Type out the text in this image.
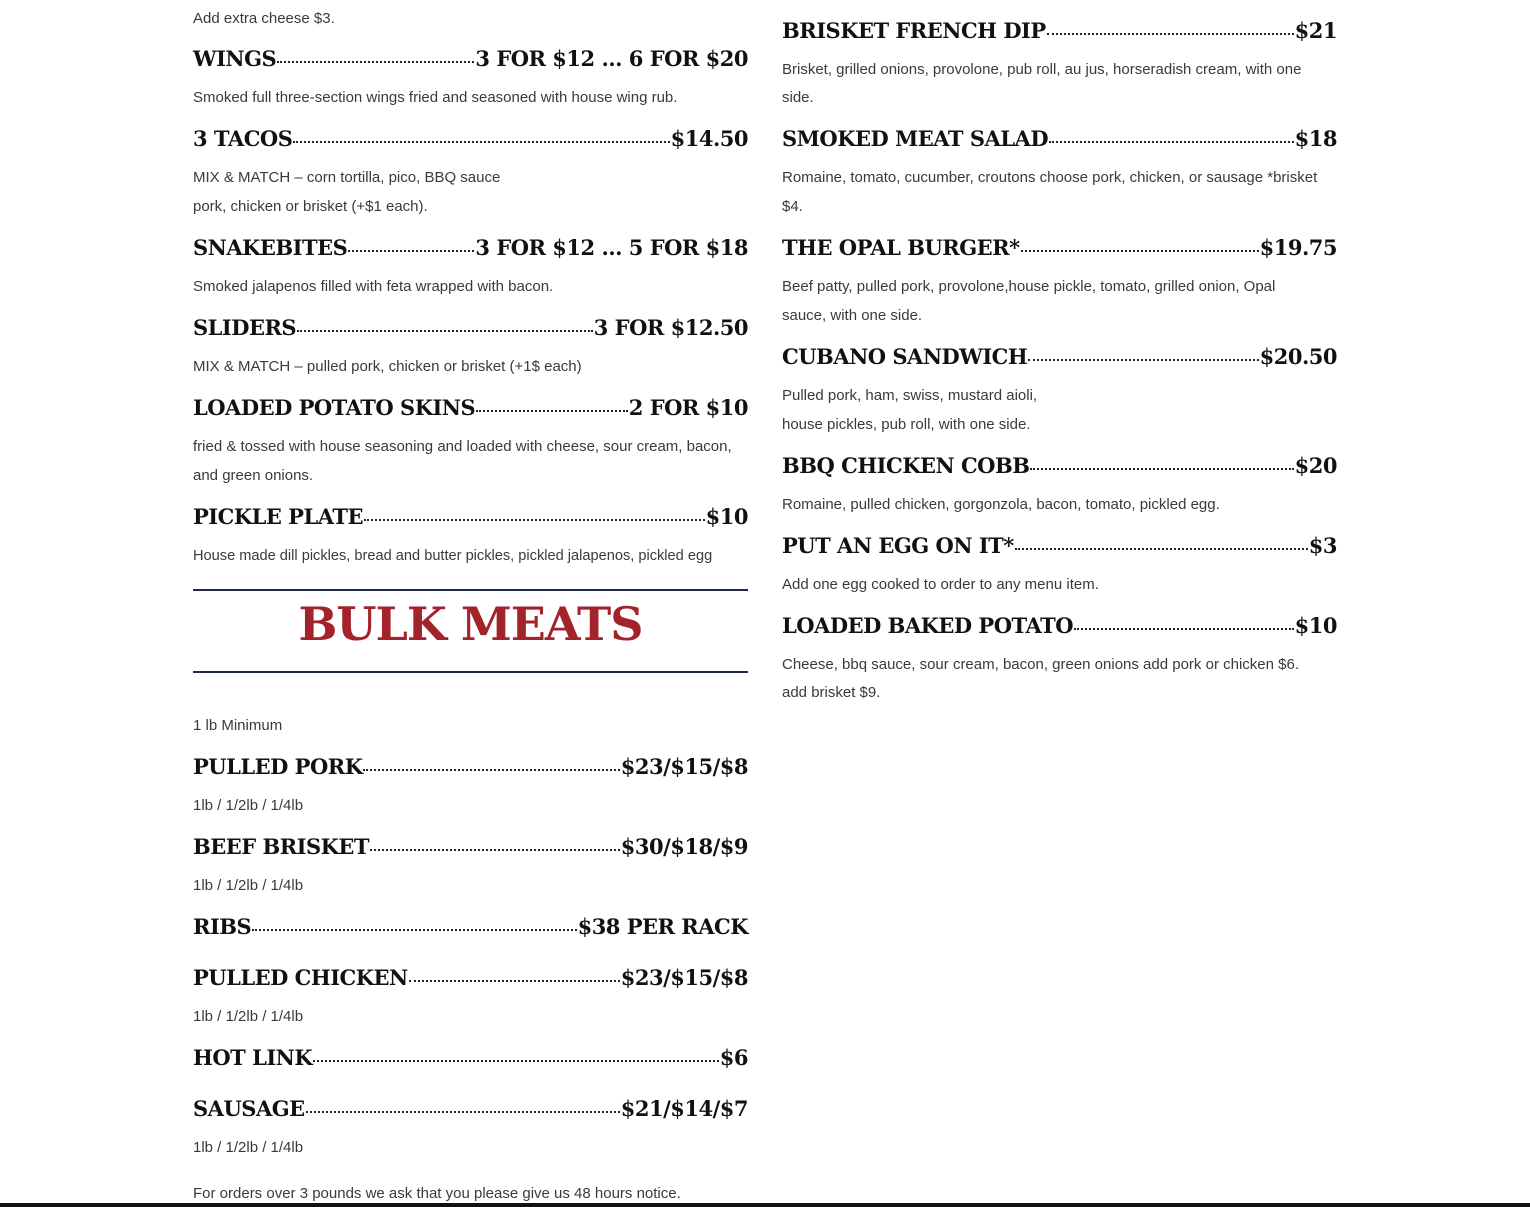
Add extra cheese $3.

WINGS	3 FOR $12 … 6 FOR $20

Smoked full three-section wings fried and seasoned with house wing rub.

3 TACOS	$14.50

MIX & MATCH – corn tortilla, pico, BBQ sauce

pork, chicken or brisket (+$1 each).

SNAKEBITES	3 FOR $12 … 5 FOR $18

Smoked jalapenos filled with feta wrapped with bacon.

SLIDERS	3 FOR $12.50

MIX & MATCH – pulled pork, chicken or brisket (+1$ each)

LOADED POTATO SKINS	2 FOR $10

fried & tossed with house seasoning and loaded with cheese, sour cream, bacon,

and green onions.

PICKLE PLATE	$10

House made dill pickles, bread and butter pickles, pickled jalapenos, pickled egg

BULK MEATS

1 lb Minimum

PULLED PORK	$23/$15/$8

1lb / 1/2lb / 1/4lb

BEEF BRISKET	$30/$18/$9

1lb / 1/2lb / 1/4lb

RIBS	$38 PER RACK
PULLED CHICKEN	$23/$15/$8

1lb / 1/2lb / 1/4lb

HOT LINK	$6
SAUSAGE	$21/$14/$7

1lb / 1/2lb / 1/4lb

For orders over 3 pounds we ask that you please give us 48 hours notice.

BRISKET FRENCH DIP	$21

Brisket, grilled onions, provolone, pub roll, au jus, horseradish cream, with one

side.

SMOKED MEAT SALAD	$18

Romaine, tomato, cucumber, croutons choose pork, chicken, or sausage *brisket

$4.

THE OPAL BURGER*	$19.75

Beef patty, pulled pork, provolone,house pickle, tomato, grilled onion, Opal

sauce, with one side.

CUBANO SANDWICH	$20.50

Pulled pork, ham, swiss, mustard aioli,

house pickles, pub roll, with one side.

BBQ CHICKEN COBB	$20

Romaine, pulled chicken, gorgonzola, bacon, tomato, pickled egg.

PUT AN EGG ON IT*	$3

Add one egg cooked to order to any menu item.

LOADED BAKED POTATO	$10

Cheese, bbq sauce, sour cream, bacon, green onions add pork or chicken $6.

add brisket $9.
